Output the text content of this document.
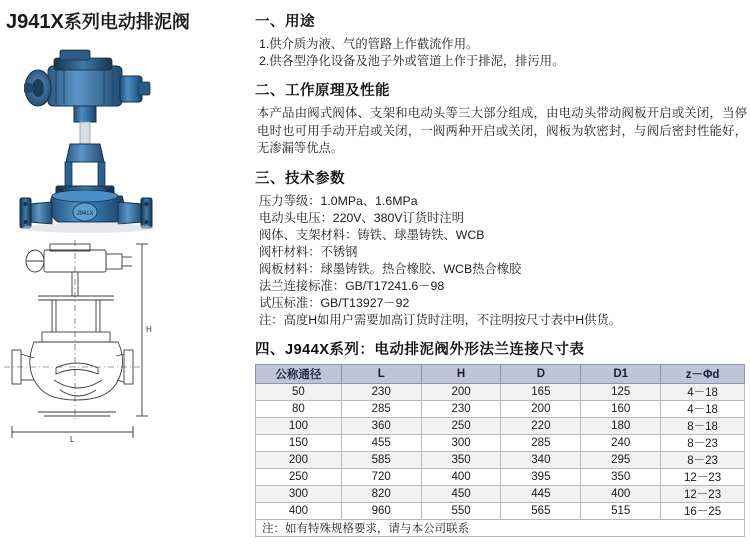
J941X系列电动排泥阀
J941X
L
H
一、用途

1.供介质为液、气的管路上作截流作用。

2.供各型净化设备及池子外或管道上作于排泥，排污用。

二、工作原理及性能

本产品由阀式阀体、支架和电动头等三大部分组成，由电动头带动阀板开启或关闭，当停电时也可用手动开启或关闭，一阀两种开启或关闭，阀板为软密封，与阀后密封性能好，无渗漏等优点。

三、技术参数

压力等级：1.0MPa、1.6MPa

电动头电压：220V、380V订货时注明

阀体、支架材料：铸铁、球墨铸铁、WCB

阀杆材料：不锈钢

阀板材料：球墨铸铁。热合橡胶、WCB热合橡胶

法兰连接标准：GB/T17241.6－98

试压标准：GB/T13927－92

注：高度H如用户需要加高订货时注明，不注明按尺寸表中H供货。

四、J944X系列：电动排泥阀外形法兰连接尺寸表
公称通径	L	H	D	D1	z－Φd
50	230	200	165	125	4－18
80	285	230	200	160	4－18
100	360	250	220	180	8－18
150	455	300	285	240	8－23
200	585	350	340	295	8－23
250	720	400	395	350	12－23
300	820	450	445	400	12－23
400	960	550	565	515	16－25
注：如有特殊规格要求，请与本公司联系					
